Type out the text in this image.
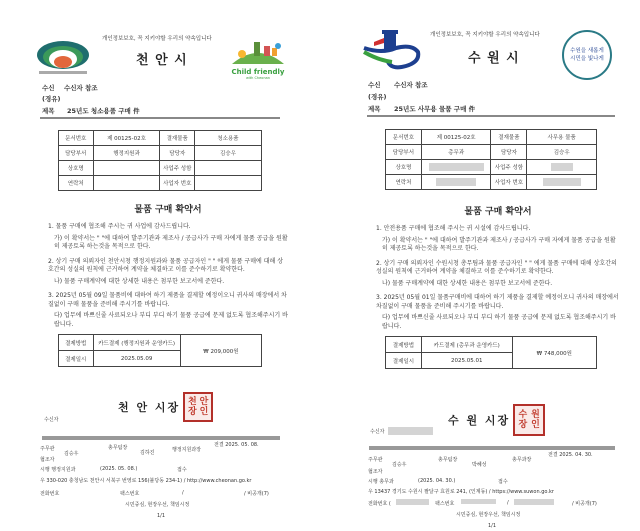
개인정보보호, 꼭 지키야할 우리의 약속입니다
천 안 시
Child friendly
with Cheonan
수신 수신자 참조
(경유)
제목 25년도 청소용품 구매 件
문서번호	제 00125-02호	결재물품	청소용품
담당부서	행정지원과	담당자	김승우
상호명		사업주 성함	
연락처		사업자 번호	
물품 구매 확약서
1. 물품 구매에 협조해 주시는 귀 사업에 감사드립니다.
가) 이 확약서는 " "에 대하여 발주기관과 제조사 / 공급사가 구매 자에게 물품 공급을 원활히 제공토록 하는것을 목적으로 한다.
2. 상기 구매 의뢰자인 천안시청 행정지원과와 물품 공급자인 " " 에게 물품 구매에 대해 상호간의 성실의 원칙에 근거하여 계약을 체결하고 이를 준수하기로 확약한다.
나) 물품 구매계약에 대한 상세한 내용은 첨부한 보고서에 준한다.
3. 2025년 05월 09일 물품비에 대하여 하기 제품을 결제할 예정이오니 귀사의 매장에서 차질없이 구매 물품을 준비해 주시기를 바랍니다.
다) 업무에 바쁘신줄 사료되오나 부디 부디 하기 물품 공급에 문제 없도록 협조해주시기 바랍니다.
결제방법	카드결제 (행정지원과 운영카드)	₩ 209,000원
결제일시	2025.05.09	
천 안 시장 천 안
장 인
수신자
주무관
김승우
총무팀장
김하진	행정지원과장
전결 2025. 05. 08.
협조자
시행 행정지원과	(2025. 05. 08.)	접수
우 330-020 충청남도 천안시 서북구 번영로 156(불당동 234-1) / http://www.cheonan.go.kr
전화번호	팩스번호	/	/ 비공개(7)
시민중심, 현장우선, 책임시정
1/1
개인정보보호, 꼭 지키야할 우리의 약속입니다
수 원 시	수원을 새롭게 시민을 빛나게
수신 수신자 참조
(경유)
제목 25년도 사무용 물품 구매 件
문서번호	제 00125-02호	결재물품	사무용 물품
담당부서	총무과	담당자	김승우
상호명		사업주 성함	
연락처		사업자 번호	
물품 구매 확약서
1. 안전용품 구매에 협조해 주시는 귀 시설에 감사드립니다.
가) 이 확약서는 " "에 대하여 발주기관과 제조사 / 공급사가 구매 자에게 물품 공급을 원활히 제공토록 하는것을 목적으로 한다.
2. 상기 구매 의뢰자인 수원시청 총무팀과 물품 공급자인 " " 에게 물품 구매에 대해 상호간의 성실의 원칙에 근거하여 계약을 체결하고 이를 준수하기로 확약한다.
나) 물품 구매계약에 대한 상세한 내용은 첨부한 보고서에 준한다.
3. 2025년 05월 01일 물품구매비에 대하여 하기 제품을 결제할 예정이오니 귀사의 매장에서 차질없이 구매 물품을 준비해 주시기를 바랍니다.
다) 업무에 바쁘신줄 사료되오나 부디 부디 하기 물품 공급에 문제 없도록 협조해주시기 바랍니다.
결제방법	카드결제 (총무과 운영카드)	₩ 748,000원
결제일시	2025.05.01	
수 원 시장 수 원
장 인
수신자
주무관
김승우
총무팀장
박혜성
총무과장
전결 2025. 04. 30.
협조자
시행 총무과	(2025. 04. 30.)	접수
우 13437 경기도 수원시 팔달구 효원로 241, (인계동) / https://www.suwon.go.kr
전화번호 (	팩스번호	/	/ 비공개(7)
시민중심, 현장우선, 책임시정
1/1
